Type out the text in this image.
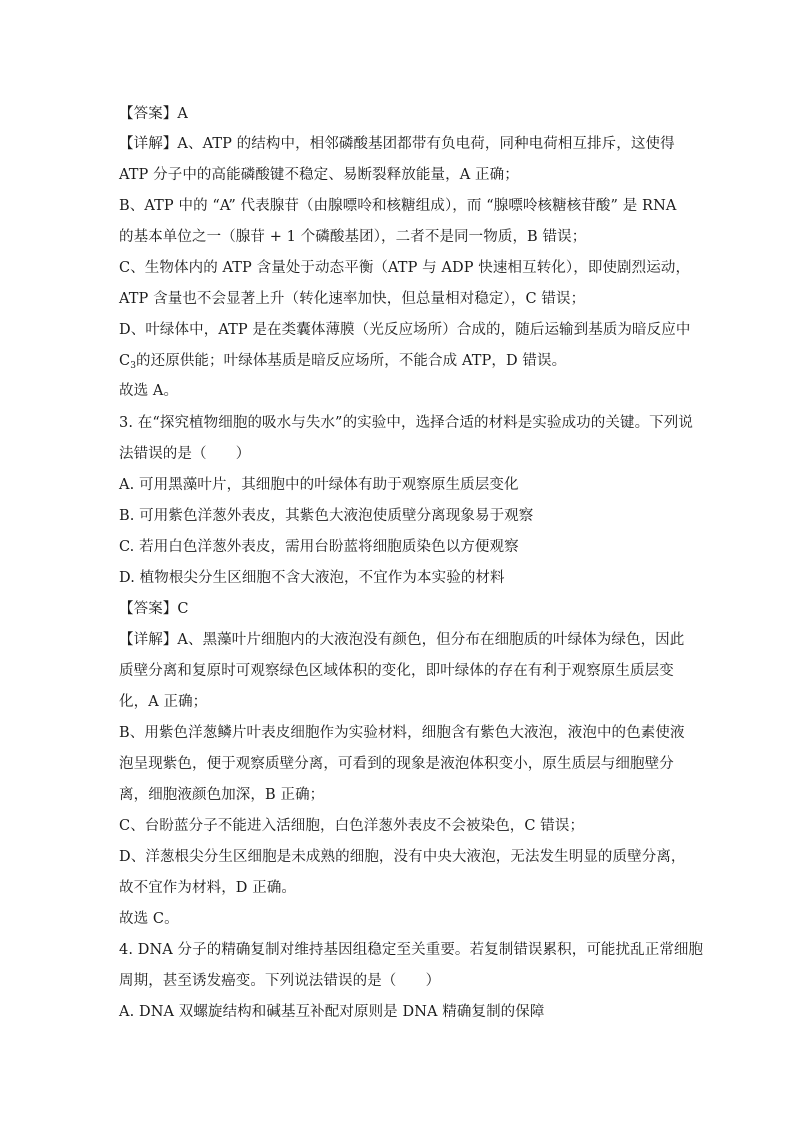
【答案】A
【详解】A、ATP 的结构中，相邻磷酸基团都带有负电荷，同种电荷相互排斥，这使得
ATP 分子中的高能磷酸键不稳定、易断裂释放能量，A 正确；
B、ATP 中的 “A” 代表腺苷（由腺嘌呤和核糖组成），而 “腺嘌呤核糖核苷酸” 是 RNA
的基本单位之一（腺苷 + 1 个磷酸基团），二者不是同一物质，B 错误；
C、生物体内的 ATP 含量处于动态平衡（ATP 与 ADP 快速相互转化），即使剧烈运动，
ATP 含量也不会显著上升（转化速率加快，但总量相对稳定），C 错误；
D、叶绿体中，ATP 是在类囊体薄膜（光反应场所）合成的，随后运输到基质为暗反应中
$C_3$的还原供能；叶绿体基质是暗反应场所，不能合成 ATP，D 错误。
故选 A。
3. 在“探究植物细胞的吸水与失水”的实验中，选择合适的材料是实验成功的关键。下列说
法错误的是（　　）
A. 可用黑藻叶片，其细胞中的叶绿体有助于观察原生质层变化
B. 可用紫色洋葱外表皮，其紫色大液泡使质壁分离现象易于观察
C. 若用白色洋葱外表皮，需用台盼蓝将细胞质染色以方便观察
D. 植物根尖分生区细胞不含大液泡，不宜作为本实验的材料
【答案】C
【详解】A、黑藻叶片细胞内的大液泡没有颜色，但分布在细胞质的叶绿体为绿色，因此
质壁分离和复原时可观察绿色区域体积的变化，即叶绿体的存在有利于观察原生质层变
化，A 正确；
B、用紫色洋葱鳞片叶表皮细胞作为实验材料，细胞含有紫色大液泡，液泡中的色素使液
泡呈现紫色，便于观察质壁分离，可看到的现象是液泡体积变小，原生质层与细胞壁分
离，细胞液颜色加深，B 正确；
C、台盼蓝分子不能进入活细胞，白色洋葱外表皮不会被染色，C 错误；
D、洋葱根尖分生区细胞是未成熟的细胞，没有中央大液泡，无法发生明显的质壁分离，
故不宜作为材料，D 正确。
故选 C。
4. DNA 分子的精确复制对维持基因组稳定至关重要。若复制错误累积，可能扰乱正常细胞
周期，甚至诱发癌变。下列说法错误的是（　　）
A. DNA 双螺旋结构和碱基互补配对原则是 DNA 精确复制的保障
